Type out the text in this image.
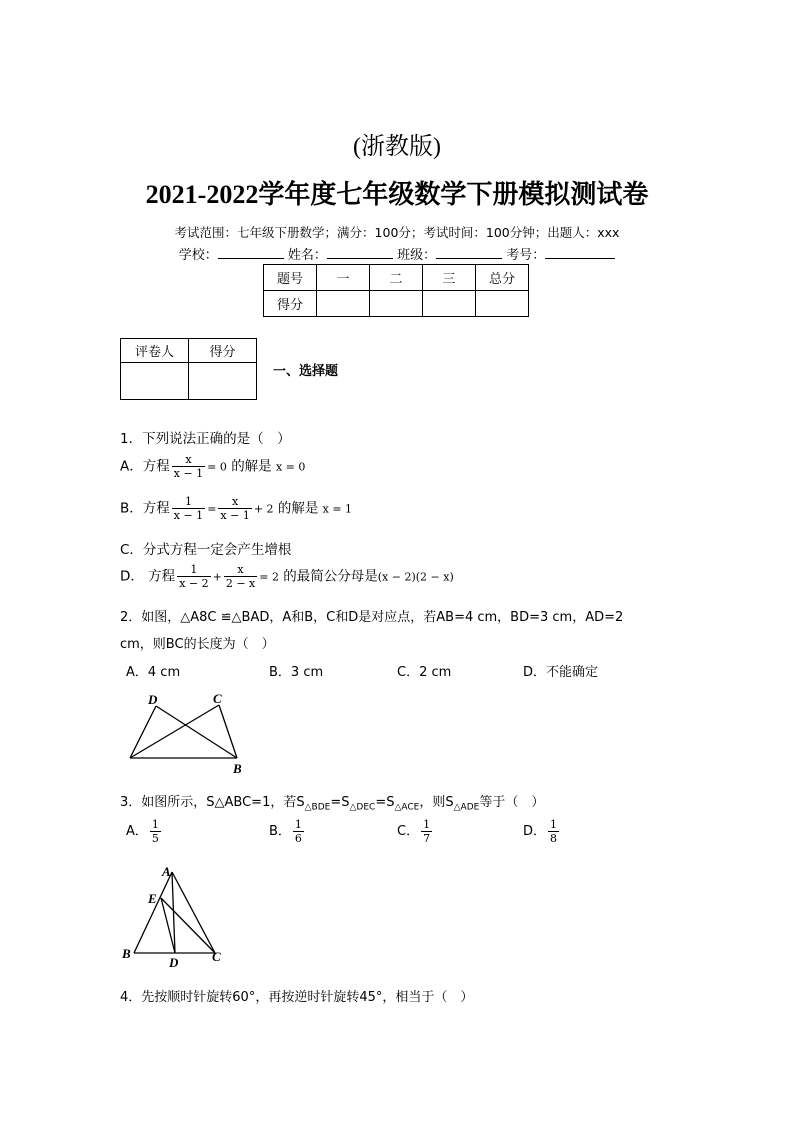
(浙教版)
2021-2022学年度七年级数学下册模拟测试卷
考试范围：七年级下册数学；满分：100分；考试时间：100分钟；出题人：xxx
学校：	姓名：	班级：	考号：
题号	一	二	三	总分
得分				
评卷人	得分

一、选择题
1．下列说法正确的是（　）
A．方程 $\frac{x}{x - 1} = 0$ 的解是 x = 0
B．方程 $\frac{1}{x - 1} = \frac{x}{x - 1} + 2$ 的解是 x = 1
C．分式方程一定会产生增根
D． 方程 $\frac{1}{x - 2} + \frac{x}{2 - x} = 2$ 的最简公分母是(x − 2)(2 − x)
2．如图，△A8C ≌△BAD，A和B，C和D是对应点，若AB=4 cm，BD=3 cm，AD=2
cm，则BC的长度为（　）
A．4 cm	B．3 cm	C．2 cm	D．不能确定
D	C
B
3．如图所示，S△ABC=1，若$S_{\triangle BDE}=S_{\triangle DEC}=S_{\triangle ACE}$，则$S_{\triangle ADE}$等于（　）
A． $\frac{1}{5}$	B． $\frac{1}{6}$	C． $\frac{1}{7}$	D． $\frac{1}{8}$
A
E
B
D	C
4．先按顺时针旋转60°，再按逆时针旋转45°，相当于（　）
